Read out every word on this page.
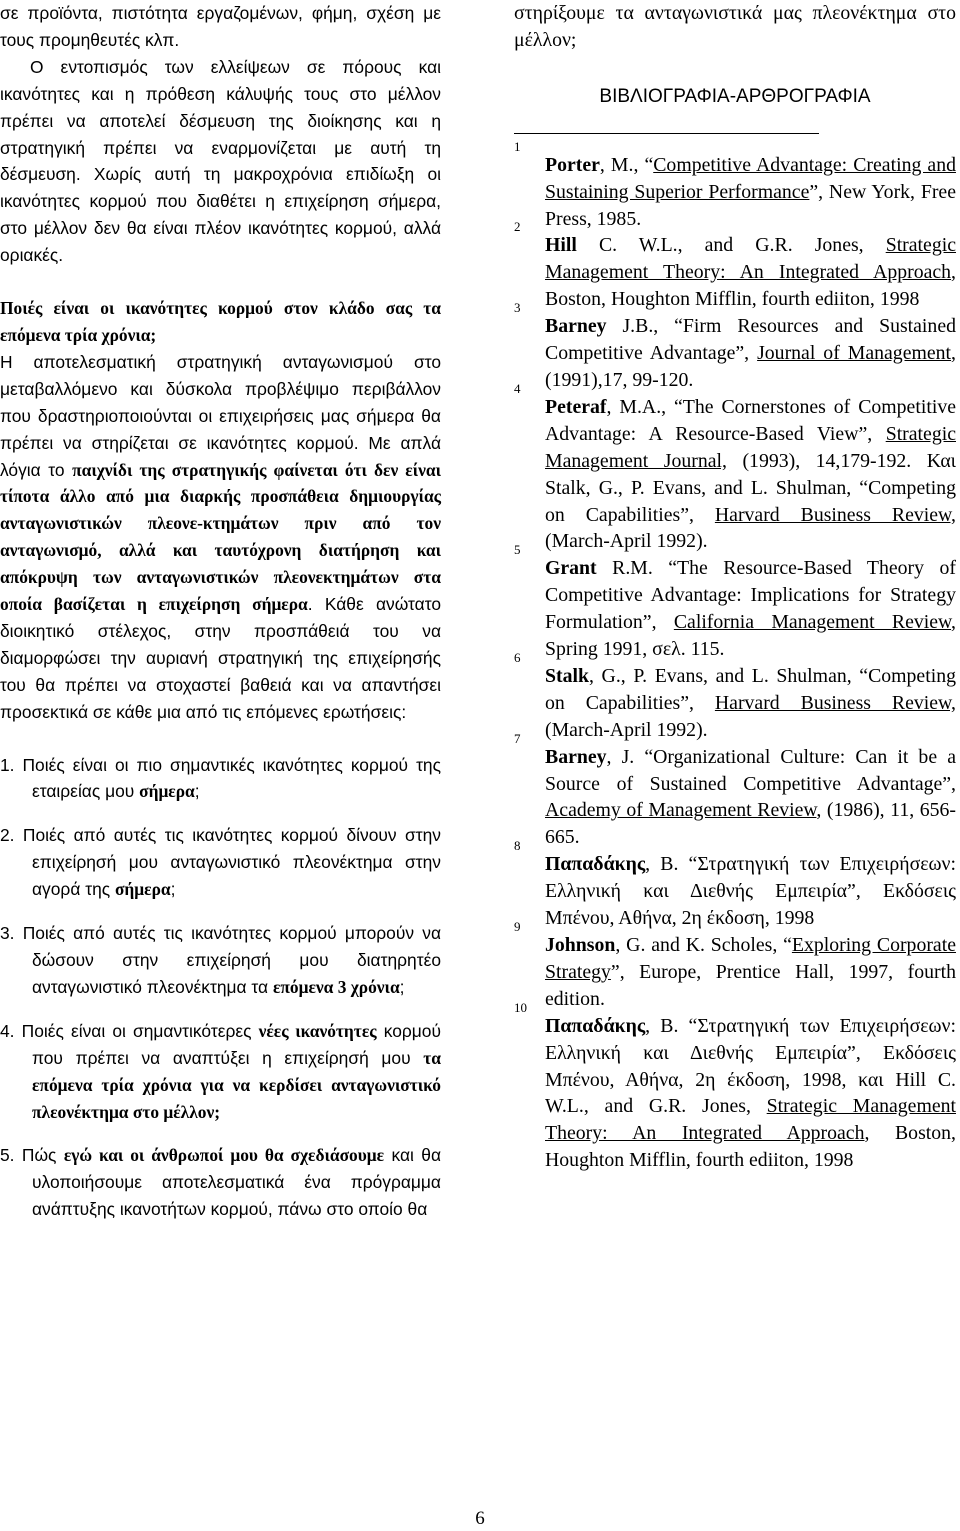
σε προϊόντα, πιστότητα εργαζομένων, φήμη, σχέση με τους προμηθευτές κλπ.

Ο εντοπισμός των ελλείψεων σε πόρους και ικανότητες και η πρόθεση κάλυψής τους στο μέλλον πρέπει να αποτελεί δέσμευση της διοίκησης και η στρατηγική πρέπει να εναρμονίζεται με αυτή τη δέσμευση. Χωρίς αυτή τη μακροχρόνια επιδίωξη οι ικανότητες κορμού που διαθέτει η επιχείρηση σήμερα, στο μέλλον δεν θα είναι πλέον ικανότητες κορμού, αλλά οριακές.

Ποιές είναι οι ικανότητες κορμού στον κλάδο σας τα επόμενα τρία χρόνια;

Η αποτελεσματική στρατηγική ανταγωνισμού στο μεταβαλλόμενο και δύσκολα προβλέψιμο περιβάλλον που δραστηριοποιούνται οι επιχειρήσεις μας σήμερα θα πρέπει να στηρίζεται σε ικανότητες κορμού. Με απλά λόγια το παιχνίδι της στρατηγικής φαίνεται ότι δεν είναι τίποτα άλλο από μια διαρκής προσπάθεια δημιουργίας ανταγωνιστικών πλεονε-κτημάτων πριν από τον ανταγωνισμό, αλλά και ταυτόχρονη διατήρηση και απόκρυψη των ανταγωνιστικών πλεονεκτημάτων στα οποία βασίζεται η επιχείρηση σήμερα. Κάθε ανώτατο διοικητικό στέλεχος, στην προσπάθειά του να διαμορφώσει την αυριανή στρατηγική της επιχείρησής του θα πρέπει να στοχαστεί βαθειά και να απαντήσει προσεκτικά σε κάθε μια από τις επόμενες ερωτήσεις:

1. Ποιές είναι οι πιο σημαντικές ικανότητες κορμού της εταιρείας μου σήμερα;

2. Ποιές από αυτές τις ικανότητες κορμού δίνουν στην επιχείρησή μου ανταγωνιστικό πλεονέκτημα στην αγορά της σήμερα;

3. Ποιές από αυτές τις ικανότητες κορμού μπορούν να δώσουν στην επιχείρησή μου διατηρητέο ανταγωνιστικό πλεονέκτημα τα επόμενα 3 χρόνια;

4. Ποιές είναι οι σημαντικότερες νέες ικανότητες κορμού που πρέπει να αναπτύξει η επιχείρησή μου τα επόμενα τρία χρόνια για να κερδίσει ανταγωνιστικό πλεονέκτημα στο μέλλον;

5. Πώς εγώ και οι άνθρωποί μου θα σχεδιάσουμε και θα υλοποιήσουμε αποτελεσματικά ένα πρόγραμμα ανάπτυξης ικανοτήτων κορμού, πάνω στο οποίο θα

στηρίξουμε τα ανταγωνιστικά μας πλεονέκτημα στο μέλλον;

ΒΙΒΛΙΟΓΡΑΦΙΑ-ΑΡΘΡΟΓΡΑΦΙΑ

1
Porter, M., “Competitive Advantage: Creating and Sustaining Superior Performance”, New York, Free Press, 1985.
2
Hill C. W.L., and G.R. Jones, Strategic Management Theory: An Integrated Approach, Boston, Houghton Mifflin, fourth ediiton, 1998
3
Barney J.B., “Firm Resources and Sustained Competitive Advantage”, Journal of Management, (1991),17, 99-120.
4
Peteraf, M.A., “The Cornerstones of Competitive Advantage: A Resource-Based View”, Strategic Management Journal, (1993), 14,179-192. Και Stalk, G., P. Evans, and L. Shulman, “Competing on Capabilities”, Harvard Business Review, (March-April 1992).
5
Grant R.M. “The Resource-Based Theory of Competitive Advantage: Implications for Strategy Formulation”, California Management Review, Spring 1991, σελ. 115.
6
Stalk, G., P. Evans, and L. Shulman, “Competing on Capabilities”, Harvard Business Review, (March-April 1992).
7
Barney, J. “Organizational Culture: Can it be a Source of Sustained Competitive Advantage”, Academy of Management Review, (1986), 11, 656-665.
8
Παπαδάκης, Β. “Στρατηγική των Επιχειρήσεων: Ελληνική και Διεθνής Εμπειρία”, Εκδόσεις Μπένου, Αθήνα, 2η έκδοση, 1998
9
Johnson, G. and K. Scholes, “Exploring Corporate Strategy”, Europe, Prentice Hall, 1997, fourth edition.
10
Παπαδάκης, Β. “Στρατηγική των Επιχειρήσεων: Ελληνική και Διεθνής Εμπειρία”, Εκδόσεις Μπένου, Αθήνα, 2η έκδοση, 1998, και Hill C. W.L., and G.R. Jones, Strategic Management Theory: An Integrated Approach, Boston, Houghton Mifflin, fourth ediiton, 1998
6
